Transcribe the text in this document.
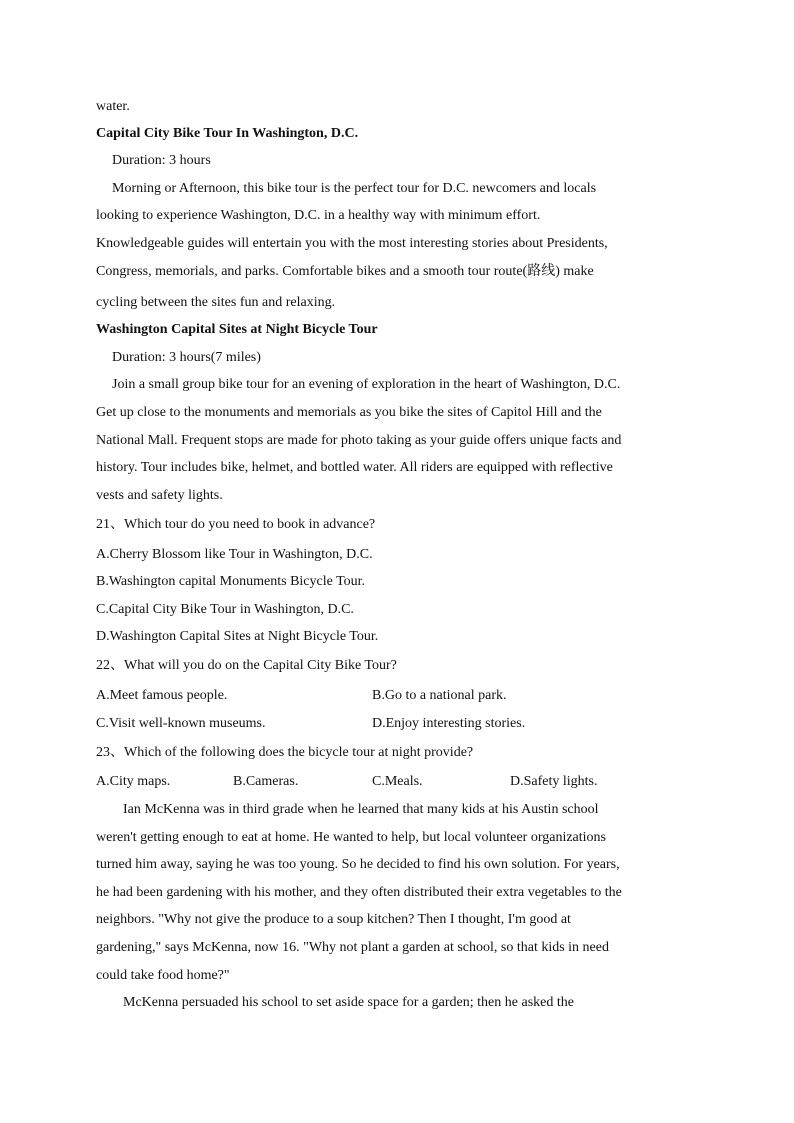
water.
Capital City Bike Tour In Washington, D.C.
Duration: 3 hours
Morning or Afternoon, this bike tour is the perfect tour for D.C. newcomers and locals
looking to experience Washington, D.C. in a healthy way with minimum effort.
Knowledgeable guides will entertain you with the most interesting stories about Presidents,
Congress, memorials, and parks. Comfortable bikes and a smooth tour route(路线) make
cycling between the sites fun and relaxing.
Washington Capital Sites at Night Bicycle Tour
Duration: 3 hours(7 miles)
Join a small group bike tour for an evening of exploration in the heart of Washington, D.C.
Get up close to the monuments and memorials as you bike the sites of Capitol Hill and the
National Mall. Frequent stops are made for photo taking as your guide offers unique facts and
history. Tour includes bike, helmet, and bottled water. All riders are equipped with reflective
vests and safety lights.
21、Which tour do you need to book in advance?
A.Cherry Blossom like Tour in Washington, D.C.
B.Washington capital Monuments Bicycle Tour.
C.Capital City Bike Tour in Washington, D.C.
D.Washington Capital Sites at Night Bicycle Tour.
22、What will you do on the Capital City Bike Tour?
A.Meet famous people.	B.Go to a national park.
C.Visit well-known museums.	D.Enjoy interesting stories.
23、Which of the following does the bicycle tour at night provide?
A.City maps.	B.Cameras.	C.Meals.	D.Safety lights.
Ian McKenna was in third grade when he learned that many kids at his Austin school
weren't getting enough to eat at home. He wanted to help, but local volunteer organizations
turned him away, saying he was too young. So he decided to find his own solution. For years,
he had been gardening with his mother, and they often distributed their extra vegetables to the
neighbors. "Why not give the produce to a soup kitchen? Then I thought, I'm good at
gardening," says McKenna, now 16. "Why not plant a garden at school, so that kids in need
could take food home?"
McKenna persuaded his school to set aside space for a garden; then he asked the
